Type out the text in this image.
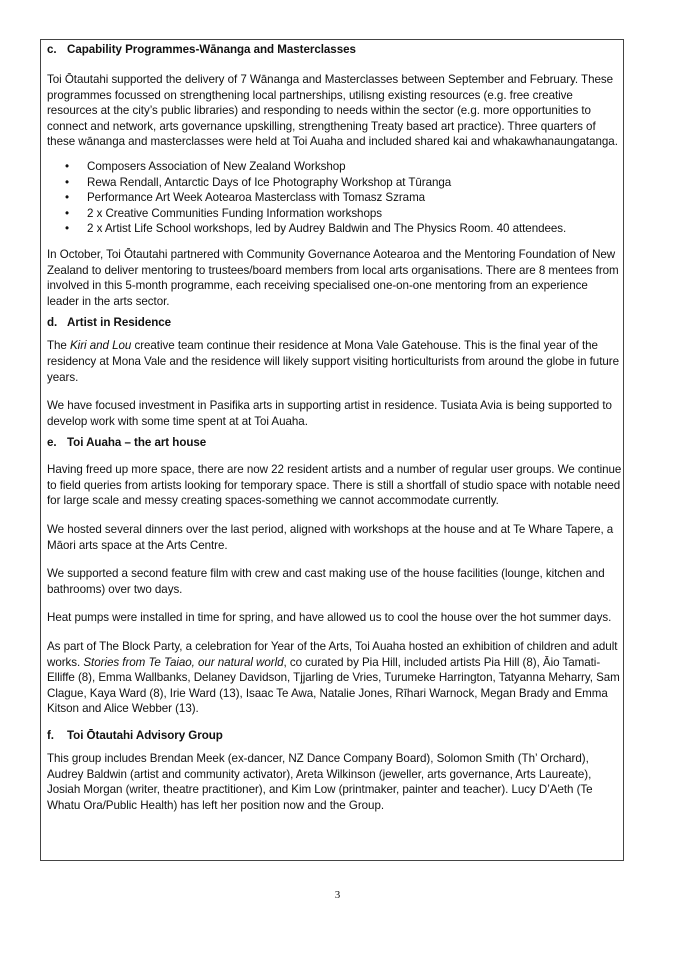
c. Capability Programmes-Wānanga and Masterclasses

Toi Ōtautahi supported the delivery of 7 Wānanga and Masterclasses between September and February. These programmes focussed on strengthening local partnerships, utilisng existing resources (e.g. free creative resources at the city’s public libraries) and responding to needs within the sector (e.g. more opportunities to connect and network, arts governance upskilling, strengthening Treaty based art practice). Three quarters of these wānanga and masterclasses were held at Toi Auaha and included shared kai and whakawhanaungatanga.

• Composers Association of New Zealand Workshop
• Rewa Rendall, Antarctic Days of Ice Photography Workshop at Tūranga
• Performance Art Week Aotearoa Masterclass with Tomasz Szrama
• 2 x Creative Communities Funding Information workshops
• 2 x Artist Life School workshops, led by Audrey Baldwin and The Physics Room. 40 attendees.

In October, Toi Ōtautahi partnered with Community Governance Aotearoa and the Mentoring Foundation of New Zealand to deliver mentoring to trustees/board members from local arts organisations. There are 8 mentees from involved in this 5-month programme, each receiving specialised one-on-one mentoring from an experience leader in the arts sector.

d. Artist in Residence

The Kiri and Lou creative team continue their residence at Mona Vale Gatehouse. This is the final year of the residency at Mona Vale and the residence will likely support visiting horticulturists from around the globe in future years.

We have focused investment in Pasifika arts in supporting artist in residence. Tusiata Avia is being supported to develop work with some time spent at at Toi Auaha.

e. Toi Auaha – the art house

Having freed up more space, there are now 22 resident artists and a number of regular user groups. We continue to field queries from artists looking for temporary space. There is still a shortfall of studio space with notable need for large scale and messy creating spaces-something we cannot accommodate currently.

We hosted several dinners over the last period, aligned with workshops at the house and at Te Whare Tapere, a Māori arts space at the Arts Centre.

We supported a second feature film with crew and cast making use of the house facilities (lounge, kitchen and bathrooms) over two days.

Heat pumps were installed in time for spring, and have allowed us to cool the house over the hot summer days.

As part of The Block Party, a celebration for Year of the Arts, Toi Auaha hosted an exhibition of children and adult works. Stories from Te Taiao, our natural world, co curated by Pia Hill, included artists Pia Hill (8), Āio Tamati-Elliffe (8), Emma Wallbanks, Delaney Davidson, Tjjarling de Vries, Turumeke Harrington, Tatyanna Meharry, Sam Clague, Kaya Ward (8), Irie Ward (13), Isaac Te Awa, Natalie Jones, Rīhari Warnock, Megan Brady and Emma Kitson and Alice Webber (13).

f. Toi Ōtautahi Advisory Group

This group includes Brendan Meek (ex-dancer, NZ Dance Company Board), Solomon Smith (Th’ Orchard), Audrey Baldwin (artist and community activator), Areta Wilkinson (jeweller, arts governance, Arts Laureate), Josiah Morgan (writer, theatre practitioner), and Kim Low (printmaker, painter and teacher). Lucy D’Aeth (Te Whatu Ora/Public Health) has left her position now and the Group.

3
